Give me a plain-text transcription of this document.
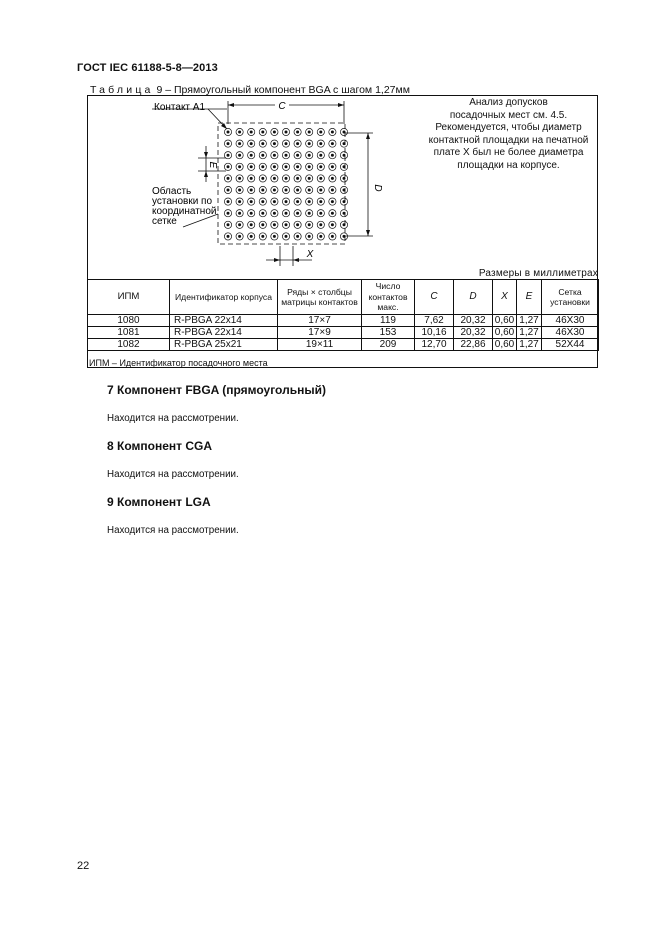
ГОСТ IEC 61188-5-8—2013
Таблица 9 – Прямоугольный компонент BGA с шагом 1,27мм
C
D
E
X
Контакт А1
Область установки по координатной сетке
Анализ допусков
посадочных мест см. 4.5.
Рекомендуется, чтобы диаметр
контактной площадки на печатной
плате X был не более диаметра
площадки на корпусе.
Размеры в миллиметрах
ИПМ	Идентификатор корпуса	Ряды × столбцы матрицы контактов	Число контактов макс.	C	D	X	E	Сетка установки
1080	R-PBGA 22x14	17×7	119	7,62	20,32	0,60	1,27	46X30
1081	R-PBGA 22x14	17×9	153	10,16	20,32	0,60	1,27	46X30
1082	R-PBGA 25x21	19×11	209	12,70	22,86	0,60	1,27	52X44
ИПМ – Идентификатор посадочного места
7 Компонент FBGA (прямоугольный)

Находится на рассмотрении.

8 Компонент CGA

Находится на рассмотрении.

9 Компонент LGA

Находится на рассмотрении.

22
